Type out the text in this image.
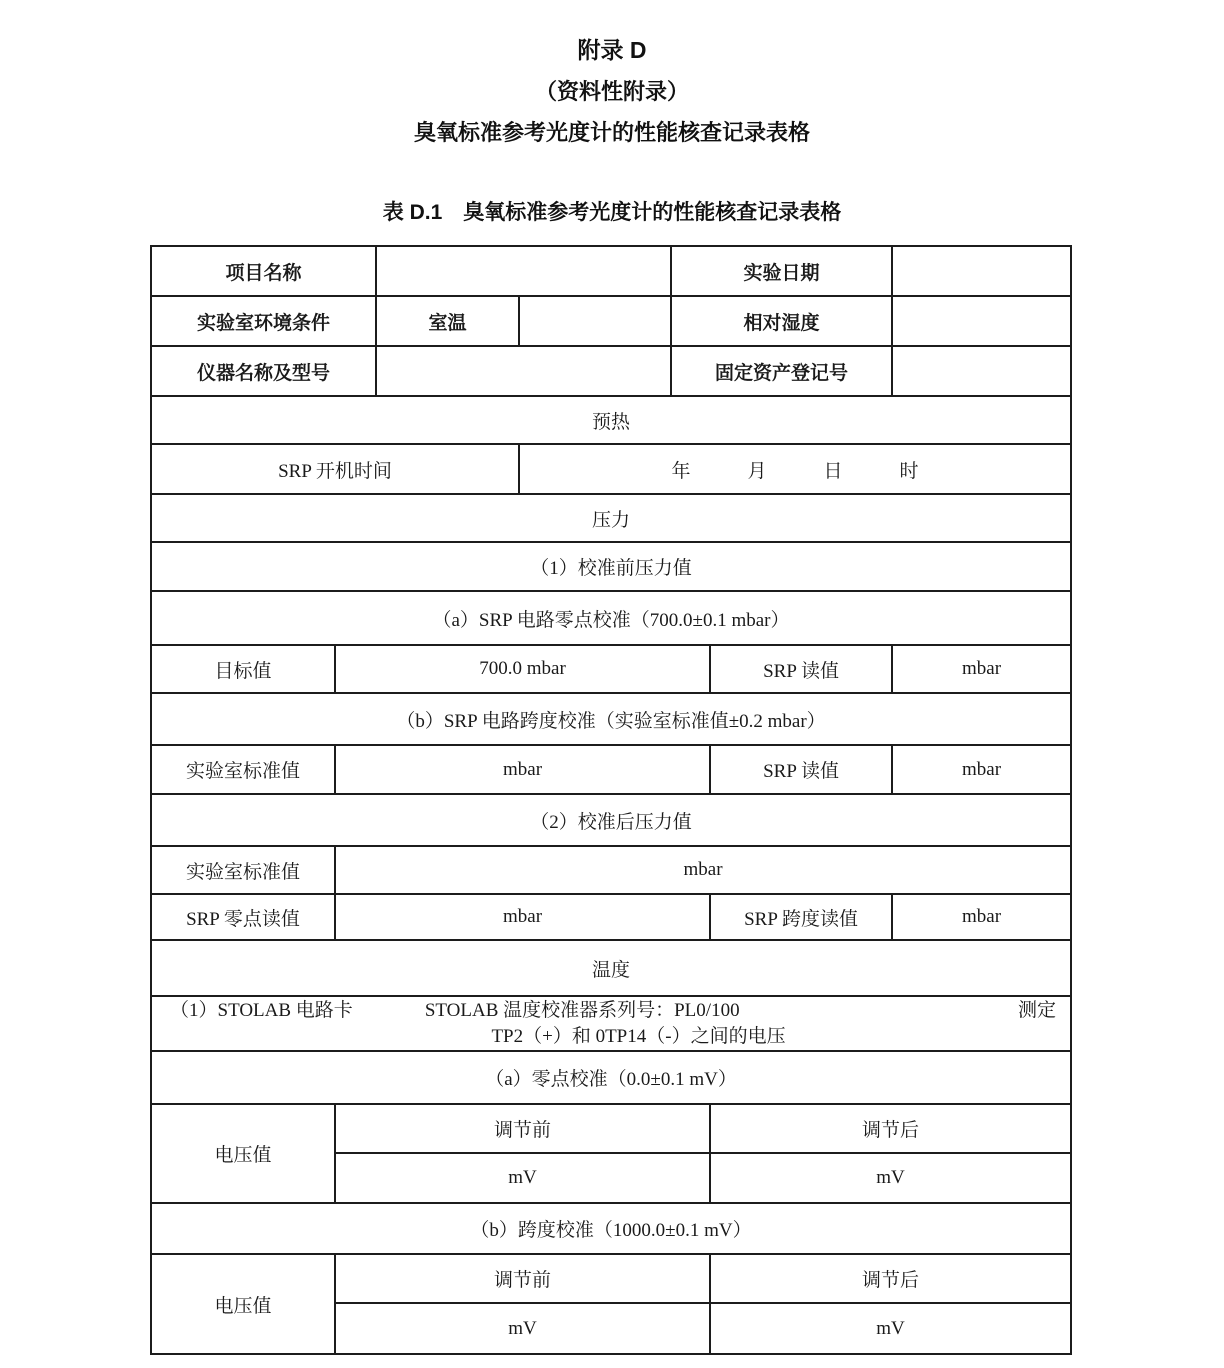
附录 D
（资料性附录）
臭氧标准参考光度计的性能核查记录表格
表 D.1　臭氧标准参考光度计的性能核查记录表格
项目名称				实验日期		
实验室环境条件		室温		相对湿度		
仪器名称及型号				固定资产登记号		
预热						
SRP 开机时间			年　　　月　　　日　　　时			
压力						
（1）校准前压力值						
（a）SRP 电路零点校准（700.0±0.1 mbar）						
目标值	700.0 mbar				SRP 读值	mbar
（b）SRP 电路跨度校准（实验室标准值±0.2 mbar）						
实验室标准值	mbar				SRP 读值	mbar
（2）校准后压力值						
实验室标准值	mbar					
SRP 零点读值	mbar				SRP 跨度读值	mbar
温度						

（1）STOLAB 电路卡 STOLAB 温度校准器系列号：PL0/100 测定
TP2（+）和 0TP14（-）之间的电压						

（a）零点校准（0.0±0.1 mV）						
电压值	调节前				调节后	
	mV				mV	
（b）跨度校准（1000.0±0.1 mV）						
电压值	调节前				调节后	
	mV				mV	
